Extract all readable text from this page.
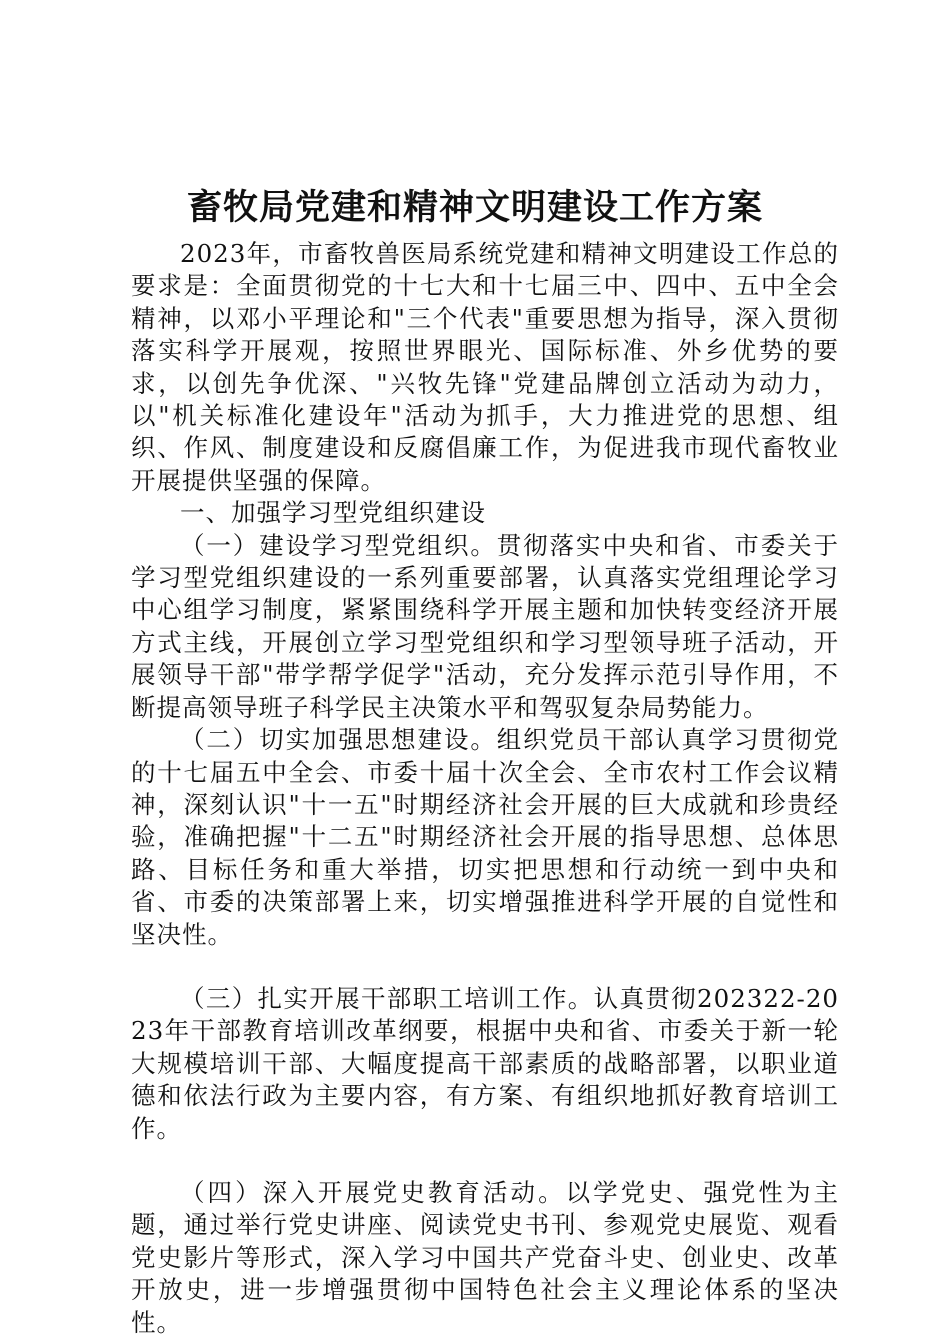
畜牧局党建和精神文明建设工作方案

2023年，市畜牧兽医局系统党建和精神文明建设工作总的要求是：全面贯彻党的十七大和十七届三中、四中、五中全会精神，以邓小平理论和"三个代表"重要思想为指导，深入贯彻落实科学开展观，按照世界眼光、国际标准、外乡优势的要求，以创先争优深、"兴牧先锋"党建品牌创立活动为动力，以"机关标准化建设年"活动为抓手，大力推进党的思想、组织、作风、制度建设和反腐倡廉工作，为促进我市现代畜牧业开展提供坚强的保障。

一、加强学习型党组织建设

（一）建设学习型党组织。贯彻落实中央和省、市委关于学习型党组织建设的一系列重要部署，认真落实党组理论学习中心组学习制度，紧紧围绕科学开展主题和加快转变经济开展方式主线，开展创立学习型党组织和学习型领导班子活动，开展领导干部"带学帮学促学"活动，充分发挥示范引导作用，不断提高领导班子科学民主决策水平和驾驭复杂局势能力。

（二）切实加强思想建设。组织党员干部认真学习贯彻党的十七届五中全会、市委十届十次全会、全市农村工作会议精神，深刻认识"十一五"时期经济社会开展的巨大成就和珍贵经验，准确把握"十二五"时期经济社会开展的指导思想、总体思路、目标任务和重大举措，切实把思想和行动统一到中央和省、市委的决策部署上来，切实增强推进科学开展的自觉性和坚决性。

（三）扎实开展干部职工培训工作。认真贯彻202322-2023年干部教育培训改革纲要，根据中央和省、市委关于新一轮大规模培训干部、大幅度提高干部素质的战略部署，以职业道德和依法行政为主要内容，有方案、有组织地抓好教育培训工作。

（四）深入开展党史教育活动。以学党史、强党性为主题，通过举行党史讲座、阅读党史书刊、参观党史展览、观看党史影片等形式，深入学习中国共产党奋斗史、创业史、改革开放史，进一步增强贯彻中国特色社会主义理论体系的坚决性。
